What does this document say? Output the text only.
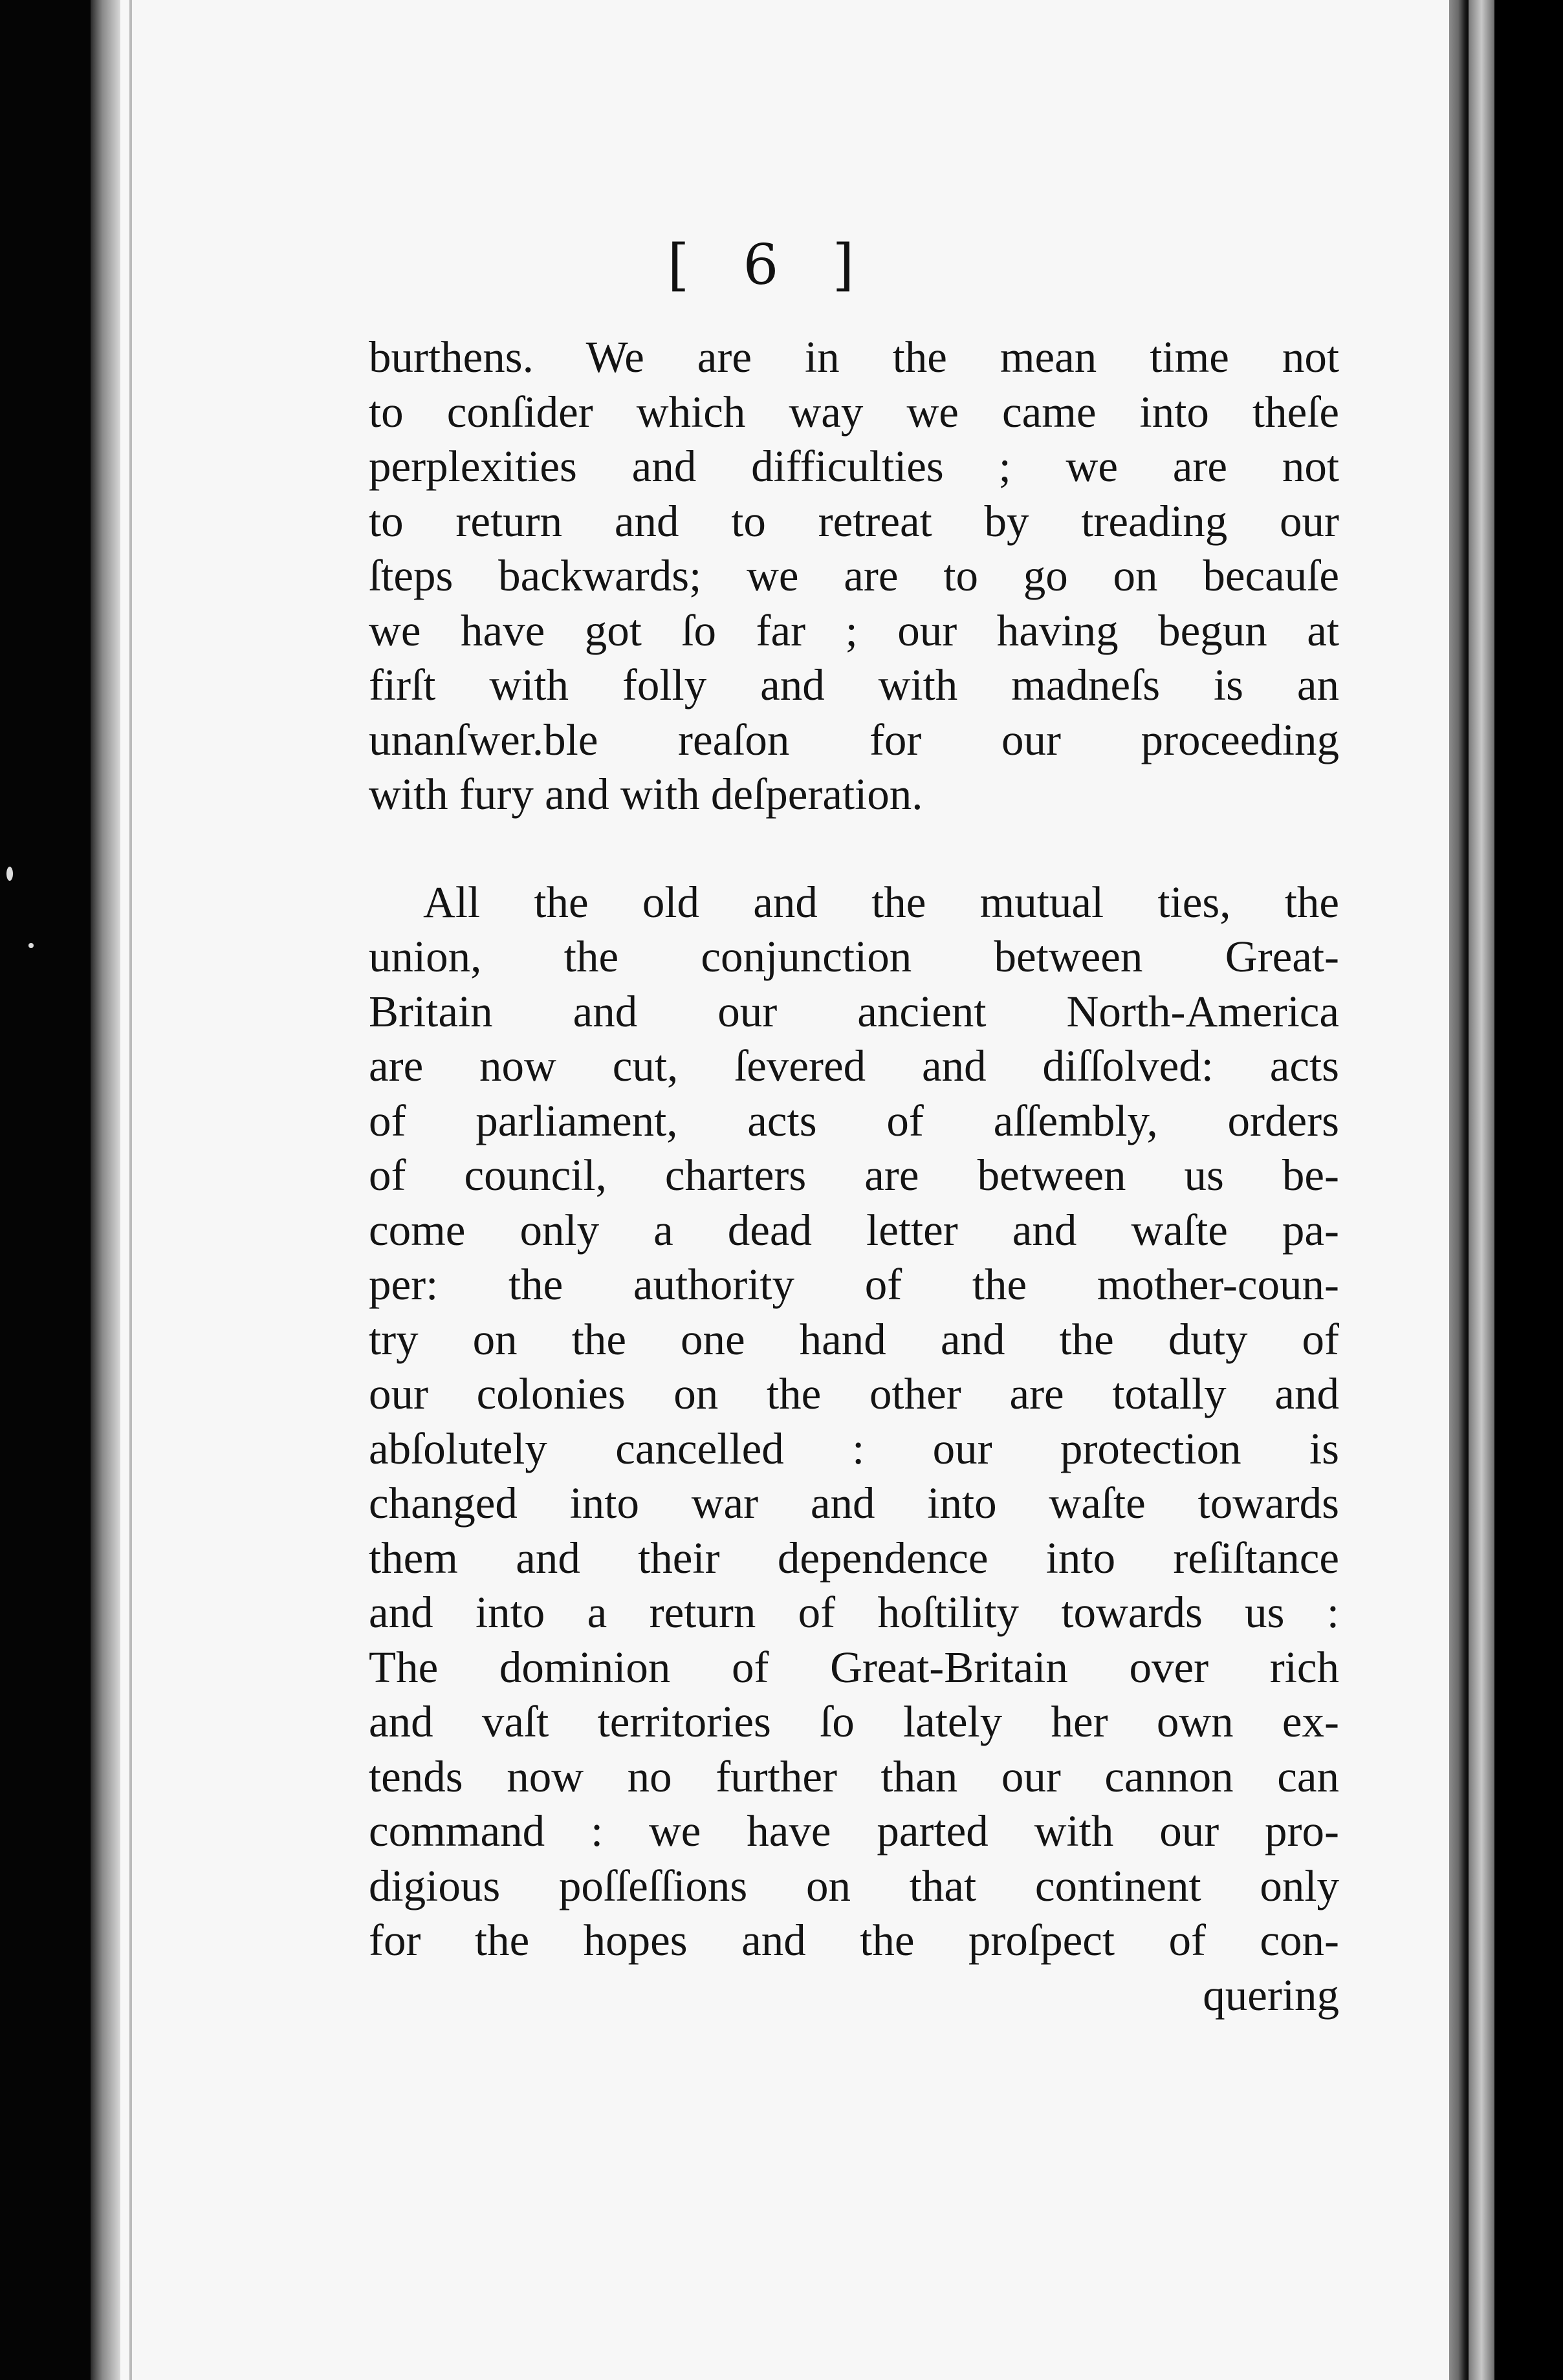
[ 6 ]
burthens. We are in the mean time not
to conſider which way we came into theſe
perplexities and difficulties ; we are not
to return and to retreat by treading our
ſteps backwards; we are to go on becauſe
we have got ſo far ; our having begun at
firſt with folly and with madneſs is an
unanſwer.ble reaſon for our proceeding
with fury and with deſperation.
All the old and the mutual ties, the
union, the conjunction between Great-
Britain and our ancient North-America
are now cut, ſevered and diſſolved: acts
of parliament, acts of aſſembly, orders
of council, charters are between us be-
come only a dead letter and waſte pa-
per: the authority of the mother-coun-
try on the one hand and the duty of
our colonies on the other are totally and
abſolutely cancelled : our protection is
changed into war and into waſte towards
them and their dependence into reſiſtance
and into a return of hoſtility towards us :
The dominion of Great-Britain over rich
and vaſt territories ſo lately her own ex-
tends now no further than our cannon can
command : we have parted with our pro-
digious poſſeſſions on that continent only
for the hopes and the proſpect of con-
quering
